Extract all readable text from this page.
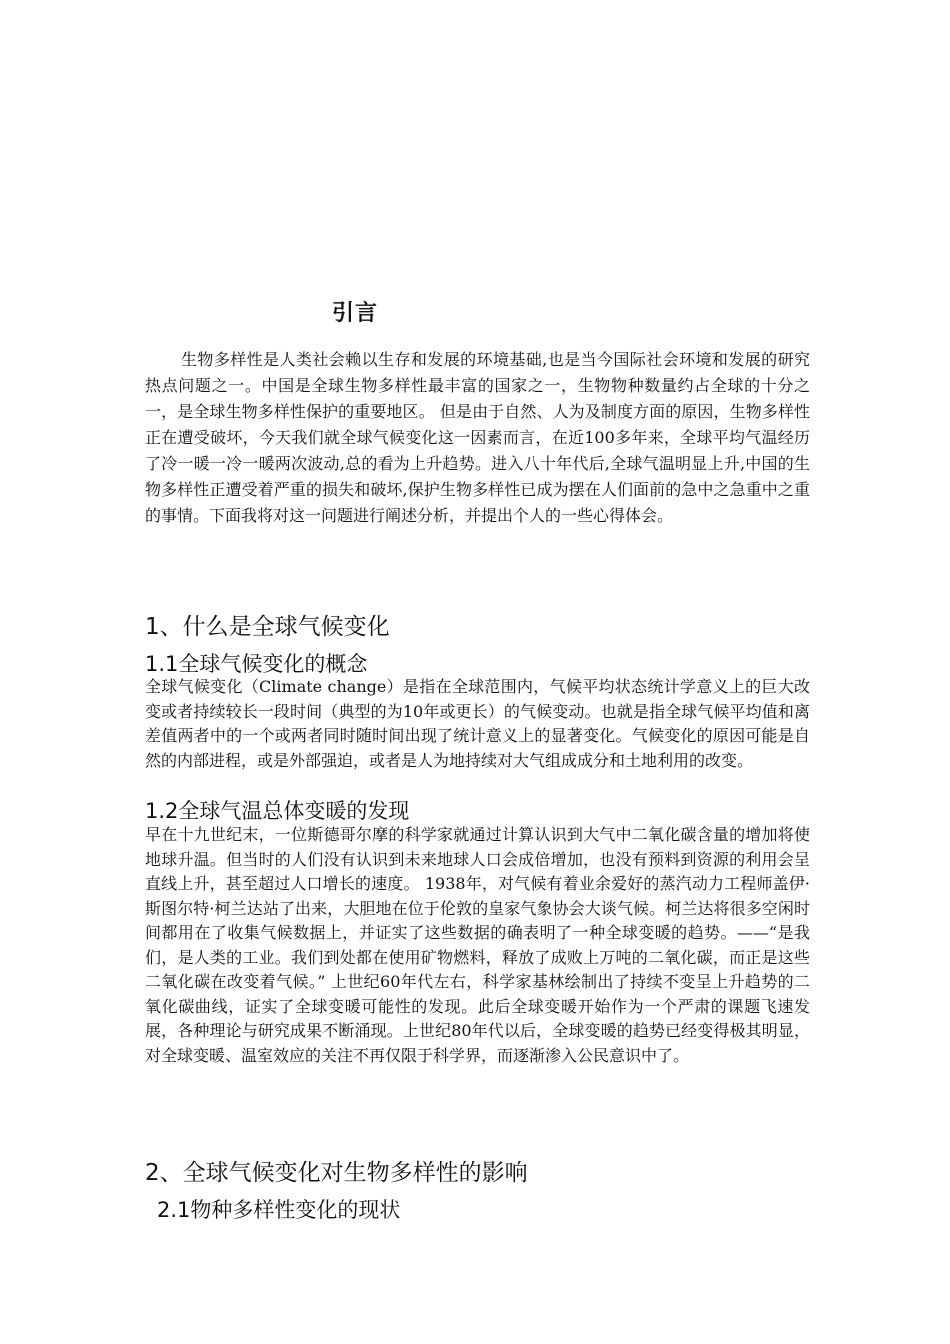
引言

生物多样性是人类社会赖以生存和发展的环境基础,也是当今国际社会环境和发展的研究 热点问题之一。中国是全球生物多样性最丰富的国家之一，生物物种数量约占全球的十分之一，是全球生物多样性保护的重要地区。 但是由于自然、人为及制度方面的原因，生物多样性正在遭受破坏，今天我们就全球气候变化这一因素而言，在近100多年来，全球平均气温经历了冷一暖一冷一暖两次波动,总的看为上升趋势。进入八十年代后,全球气温明显上升,中国的生物多样性正遭受着严重的损失和破坏,保护生物多样性已成为摆在人们面前的急中之急重中之重的事情。下面我将对这一问题进行阐述分析，并提出个人的一些心得体会。

1、什么是全球气候变化
1.1全球气候变化的概念

全球气候变化（Climate change）是指在全球范围内，气候平均状态统计学意义上的巨大改变或者持续较长一段时间（典型的为10年或更长）的气候变动。也就是指全球气候平均值和离差值两者中的一个或两者同时随时间出现了统计意义上的显著变化。气候变化的原因可能是自然的内部进程，或是外部强迫，或者是人为地持续对大气组成成分和土地利用的改变。

1.2全球气温总体变暖的发现

早在十九世纪末，一位斯德哥尔摩的科学家就通过计算认识到大气中二氧化碳含量的增加将使地球升温。但当时的人们没有认识到未来地球人口会成倍增加，也没有预料到资源的利用会呈直线上升，甚至超过人口增长的速度。 1938年，对气候有着业余爱好的蒸汽动力工程师盖伊·斯图尔特·柯兰达站了出来，大胆地在位于伦敦的皇家气象协会大谈气候。柯兰达将很多空闲时间都用在了收集气候数据上，并证实了这些数据的确表明了一种全球变暖的趋势。——“是我们，是人类的工业。我们到处都在使用矿物燃料，释放了成败上万吨的二氧化碳，而正是这些二氧化碳在改变着气候。” 上世纪60年代左右，科学家基林绘制出了持续不变呈上升趋势的二氧化碳曲线，证实了全球变暖可能性的发现。此后全球变暖开始作为一个严肃的课题飞速发展，各种理论与研究成果不断涌现。上世纪80年代以后，全球变暖的趋势已经变得极其明显，对全球变暖、温室效应的关注不再仅限于科学界，而逐渐渗入公民意识中了。

2、全球气候变化对生物多样性的影响
2.1物种多样性变化的现状
